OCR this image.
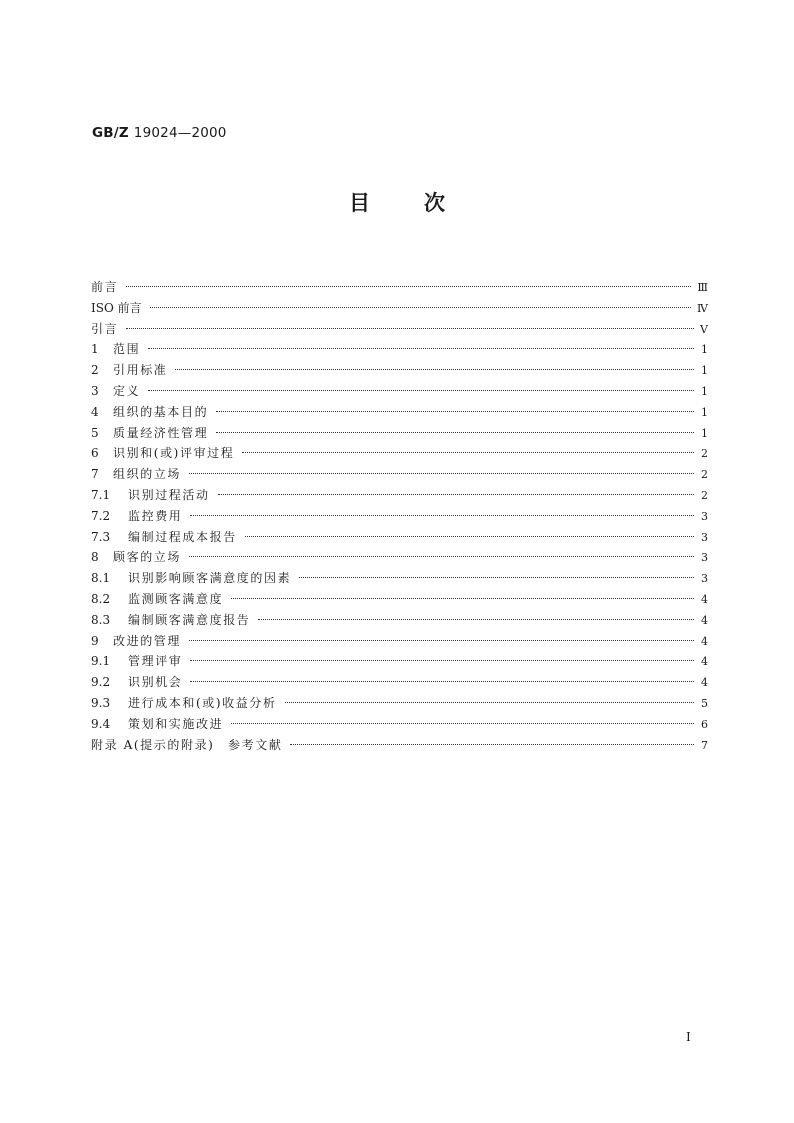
GB/Z 19024—2000
目	次
前言	Ⅲ
ISO 前言	Ⅳ
引言	Ⅴ
1	范围	1
2	引用标准	1
3	定义	1
4	组织的基本目的	1
5	质量经济性管理	1
6	识别和(或)评审过程	2
7	组织的立场	2
7.1	识别过程活动	2
7.2	监控费用	3
7.3	编制过程成本报告	3
8	顾客的立场	3
8.1	识别影响顾客满意度的因素	3
8.2	监测顾客满意度	4
8.3	编制顾客满意度报告	4
9	改进的管理	4
9.1	管理评审	4
9.2	识别机会	4
9.3	进行成本和(或)收益分析	5
9.4	策划和实施改进	6
附录 A(提示的附录)　参考文献	7
I
